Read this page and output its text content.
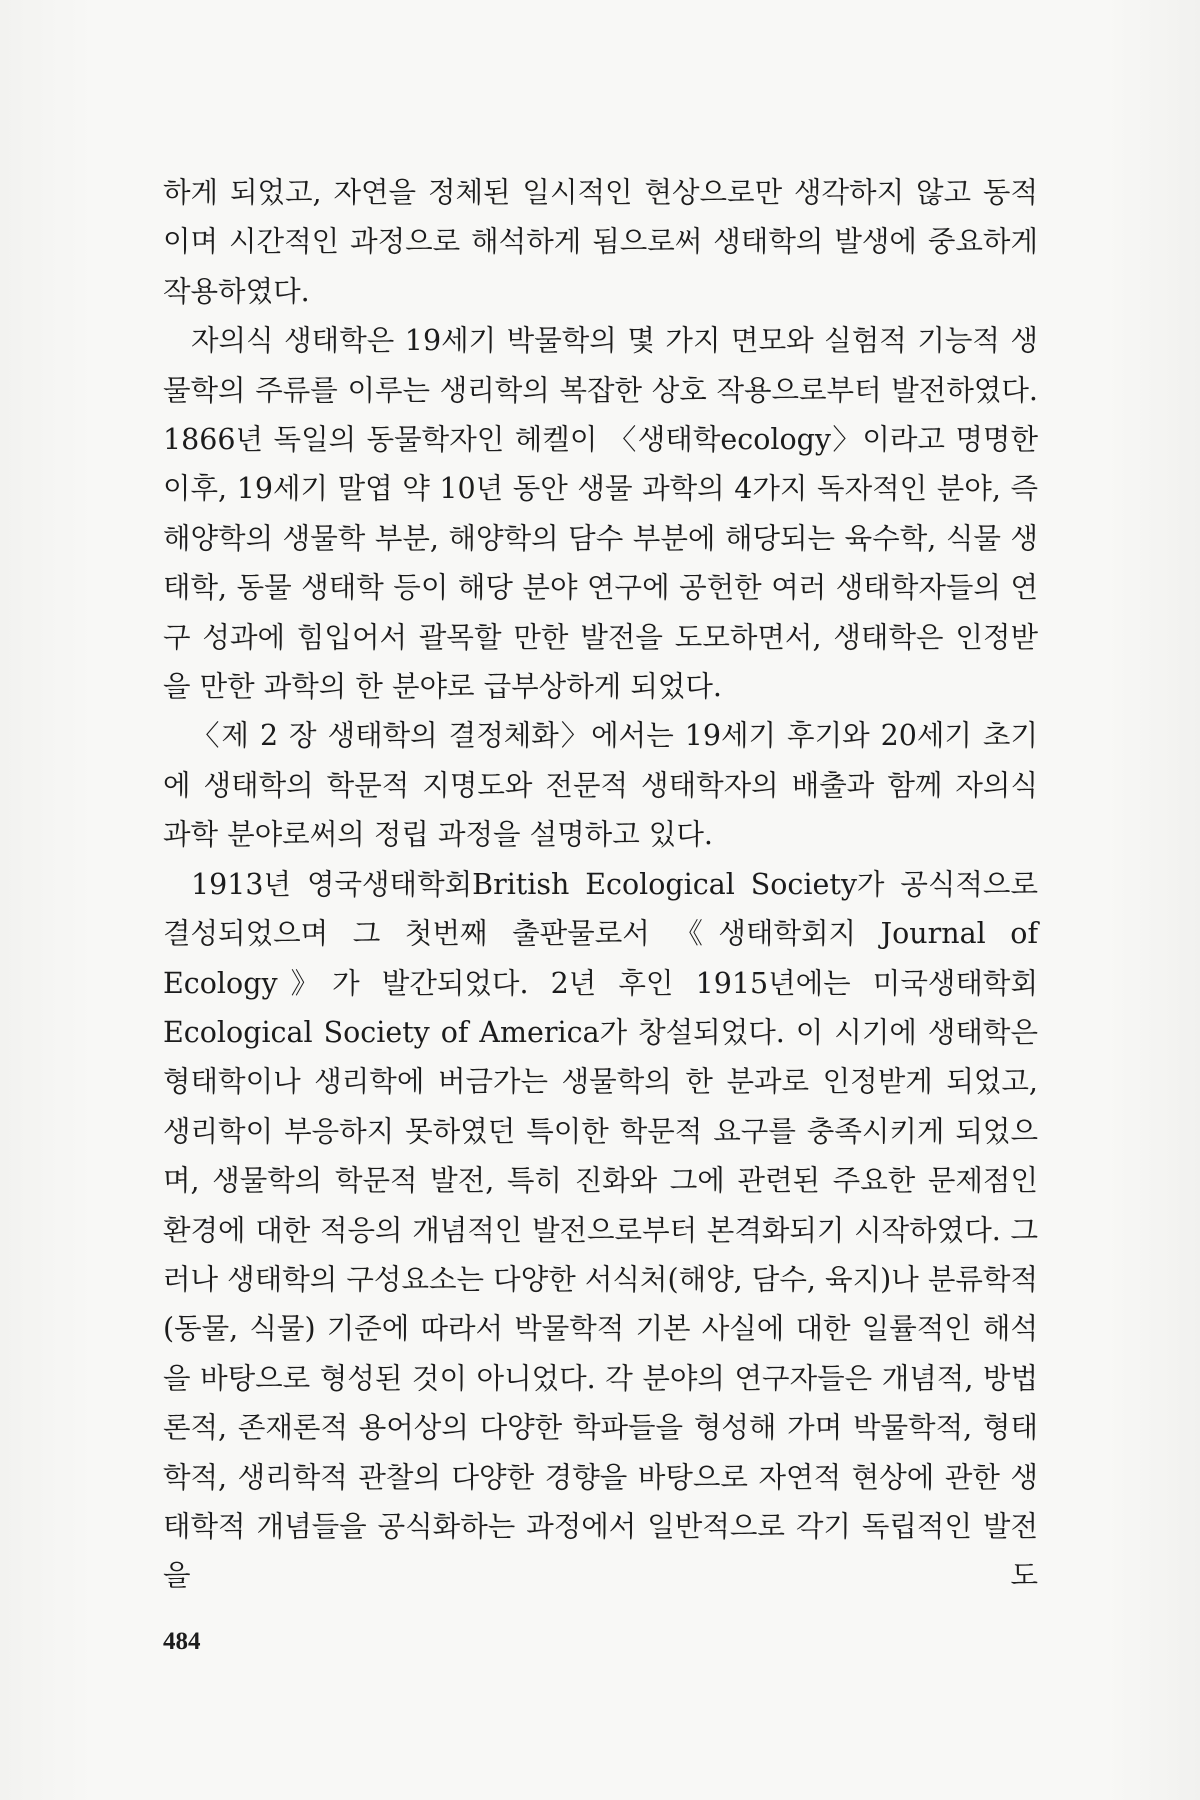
하게 되었고, 자연을 정체된 일시적인 현상으로만 생각하지 않고 동적이며 시간적인 과정으로 해석하게 됨으로써 생태학의 발생에 중요하게 작용하였다.

자의식 생태학은 19세기 박물학의 몇 가지 면모와 실험적 기능적 생물학의 주류를 이루는 생리학의 복잡한 상호 작용으로부터 발전하였다. 1866년 독일의 동물학자인 헤켈이 〈생태학ecology〉이라고 명명한 이후, 19세기 말엽 약 10년 동안 생물 과학의 4가지 독자적인 분야, 즉 해양학의 생물학 부분, 해양학의 담수 부분에 해당되는 육수학, 식물 생태학, 동물 생태학 등이 해당 분야 연구에 공헌한 여러 생태학자들의 연구 성과에 힘입어서 괄목할 만한 발전을 도모하면서, 생태학은 인정받을 만한 과학의 한 분야로 급부상하게 되었다.

〈제 2 장 생태학의 결정체화〉에서는 19세기 후기와 20세기 초기에 생태학의 학문적 지명도와 전문적 생태학자의 배출과 함께 자의식 과학 분야로써의 정립 과정을 설명하고 있다.

1913년 영국생태학회British Ecological Society가 공식적으로 결성되었으며 그 첫번째 출판물로서 《생태학회지 Journal of Ecology》가 발간되었다. 2년 후인 1915년에는 미국생태학회 Ecological Society of America가 창설되었다. 이 시기에 생태학은 형태학이나 생리학에 버금가는 생물학의 한 분과로 인정받게 되었고, 생리학이 부응하지 못하였던 특이한 학문적 요구를 충족시키게 되었으며, 생물학의 학문적 발전, 특히 진화와 그에 관련된 주요한 문제점인 환경에 대한 적응의 개념적인 발전으로부터 본격화되기 시작하였다. 그러나 생태학의 구성요소는 다양한 서식처(해양, 담수, 육지)나 분류학적(동물, 식물) 기준에 따라서 박물학적 기본 사실에 대한 일률적인 해석을 바탕으로 형성된 것이 아니었다. 각 분야의 연구자들은 개념적, 방법론적, 존재론적 용어상의 다양한 학파들을 형성해 가며 박물학적, 형태학적, 생리학적 관찰의 다양한 경향을 바탕으로 자연적 현상에 관한 생태학적 개념들을 공식화하는 과정에서 일반적으로 각기 독립적인 발전을 도

484
